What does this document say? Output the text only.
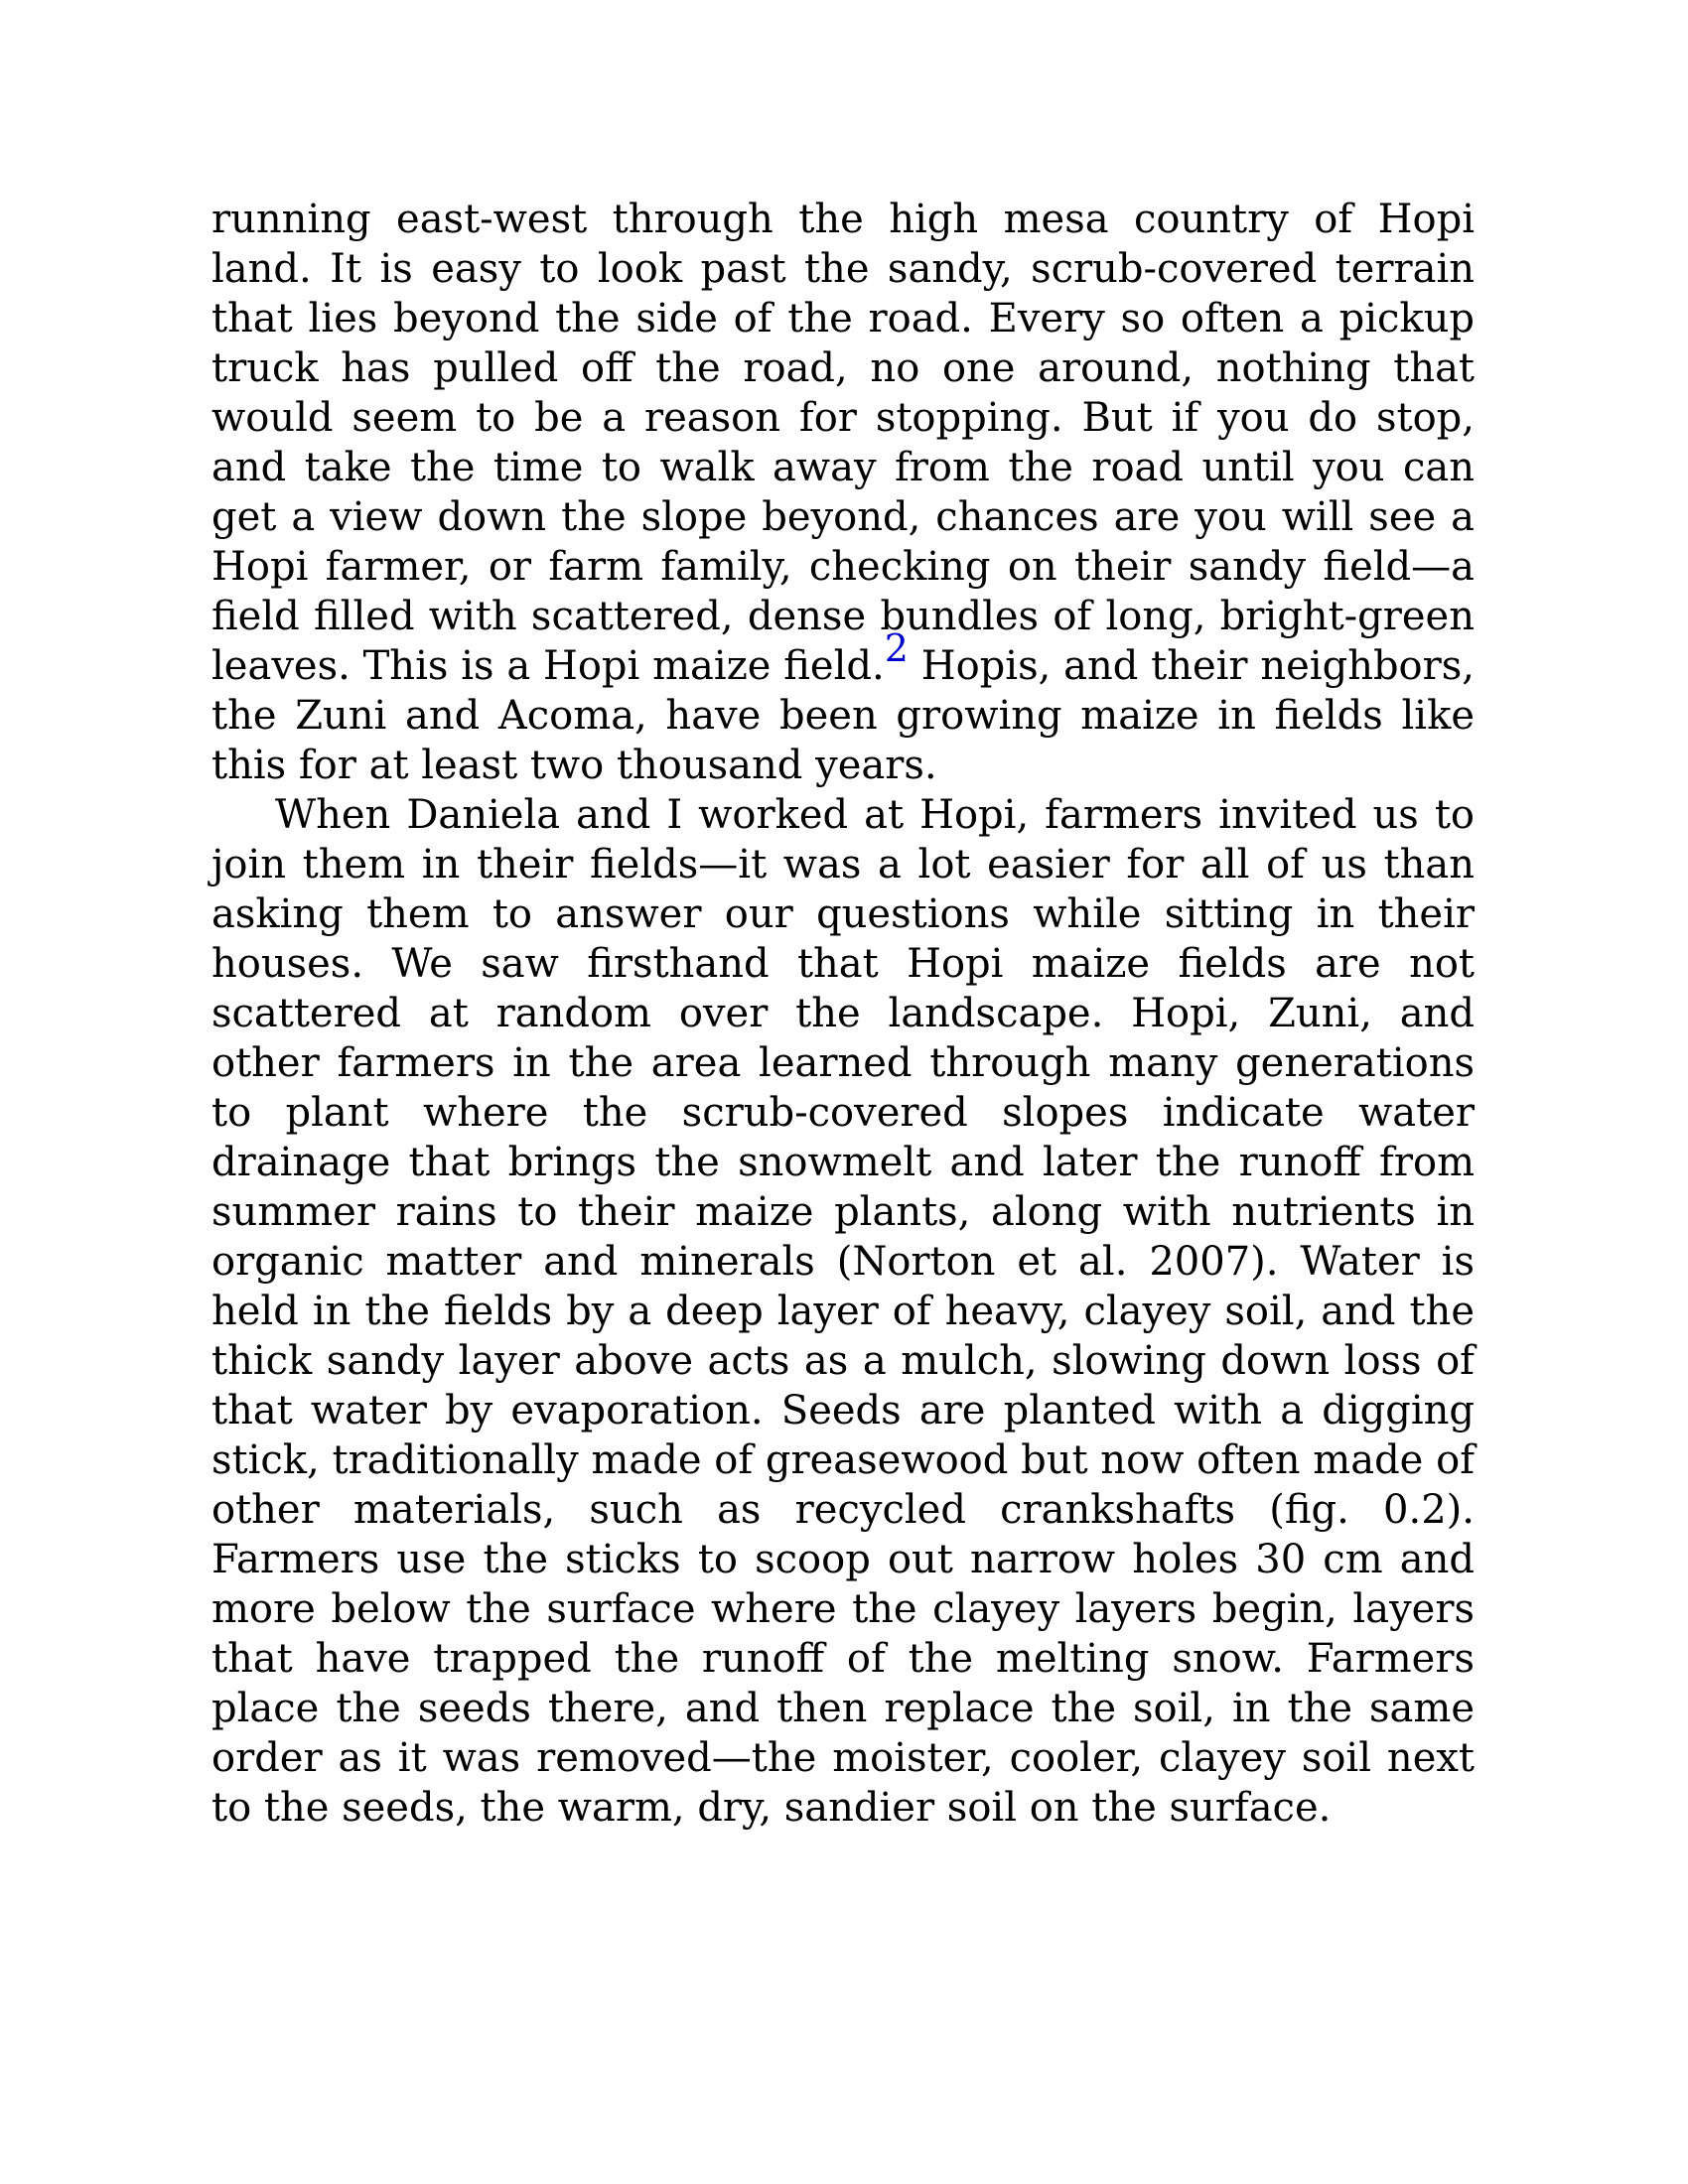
running east-west through the high mesa country of Hopi land. It is easy to look past the sandy, scrub-covered terrain that lies beyond the side of the road. Every so often a pickup truck has pulled off the road, no one around, nothing that would seem to be a reason for stopping. But if you do stop, and take the time to walk away from the road until you can get a view down the slope beyond, chances are you will see a Hopi farmer, or farm family, checking on their sandy field—a field filled with scattered, dense bundles of long, bright-green leaves. This is a Hopi maize field.2 Hopis, and their neighbors, the Zuni and Acoma, have been growing maize in fields like this for at least two thousand years.

When Daniela and I worked at Hopi, farmers invited us to join them in their fields—it was a lot easier for all of us than asking them to answer our questions while sitting in their houses. We saw firsthand that Hopi maize fields are not scattered at random over the landscape. Hopi, Zuni, and other farmers in the area learned through many generations to plant where the scrub-covered slopes indicate water drainage that brings the snowmelt and later the runoff from summer rains to their maize plants, along with nutrients in organic matter and minerals (Norton et al. 2007). Water is held in the fields by a deep layer of heavy, clayey soil, and the thick sandy layer above acts as a mulch, slowing down loss of that water by evaporation. Seeds are planted with a digging stick, traditionally made of greasewood but now often made of other materials, such as recycled crankshafts (fig. 0.2). Farmers use the sticks to scoop out narrow holes 30 cm and more below the surface where the clayey layers begin, layers that have trapped the runoff of the melting snow. Farmers place the seeds there, and then replace the soil, in the same order as it was removed—the moister, cooler, clayey soil next to the seeds, the warm, dry, sandier soil on the surface.
